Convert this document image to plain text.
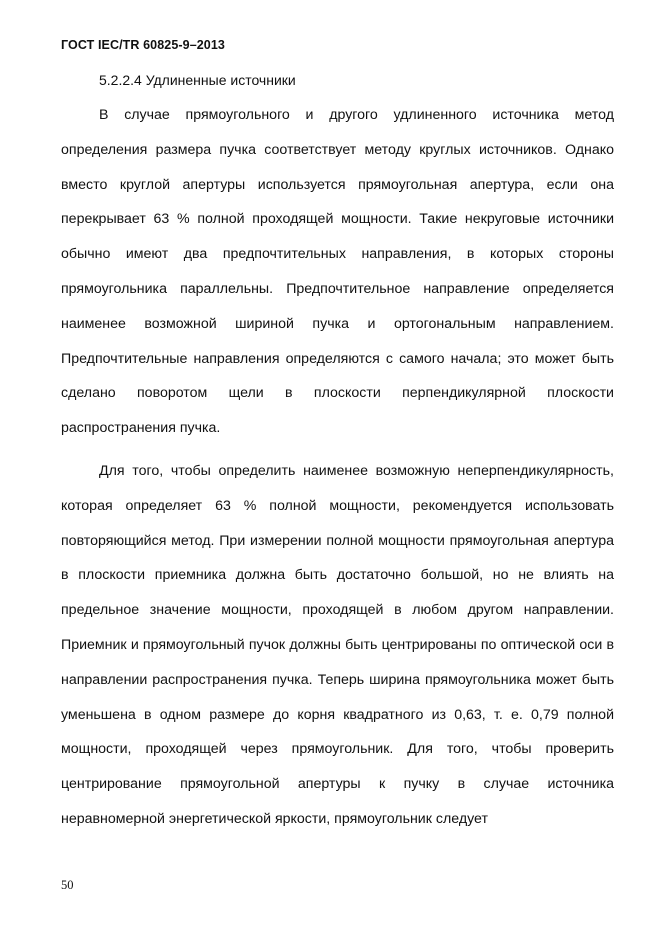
ГОСТ IEC/TR 60825-9–2013
5.2.2.4 Удлиненные источники

В случае прямоугольного и другого удлиненного источника метод определения размера пучка соответствует методу круглых источников. Однако вместо круглой апертуры используется прямоугольная апертура, если она перекрывает 63 % полной проходящей мощности. Такие некруговые источники обычно имеют два предпочтительных направления, в которых стороны прямоугольника параллельны. Предпочтительное направление определяется наименее возможной шириной пучка и ортогональным направлением. Предпочтительные направления определяются с самого начала; это может быть сделано поворотом щели в плоскости перпендикулярной плоскости распространения пучка.

Для того, чтобы определить наименее возможную неперпендикулярность, которая определяет 63 % полной мощности, рекомендуется использовать повторяющийся метод. При измерении полной мощности прямоугольная апертура в плоскости приемника должна быть достаточно большой, но не влиять на предельное значение мощности, проходящей в любом другом направлении. Приемник и прямоугольный пучок должны быть центрированы по оптической оси в направлении распространения пучка. Теперь ширина прямоугольника может быть уменьшена в одном размере до корня квадратного из 0,63, т. е. 0,79 полной мощности, проходящей через прямоугольник. Для того, чтобы проверить центрирование прямоугольной апертуры к пучку в случае источника неравномерной энергетической яркости, прямоугольник следует

50
